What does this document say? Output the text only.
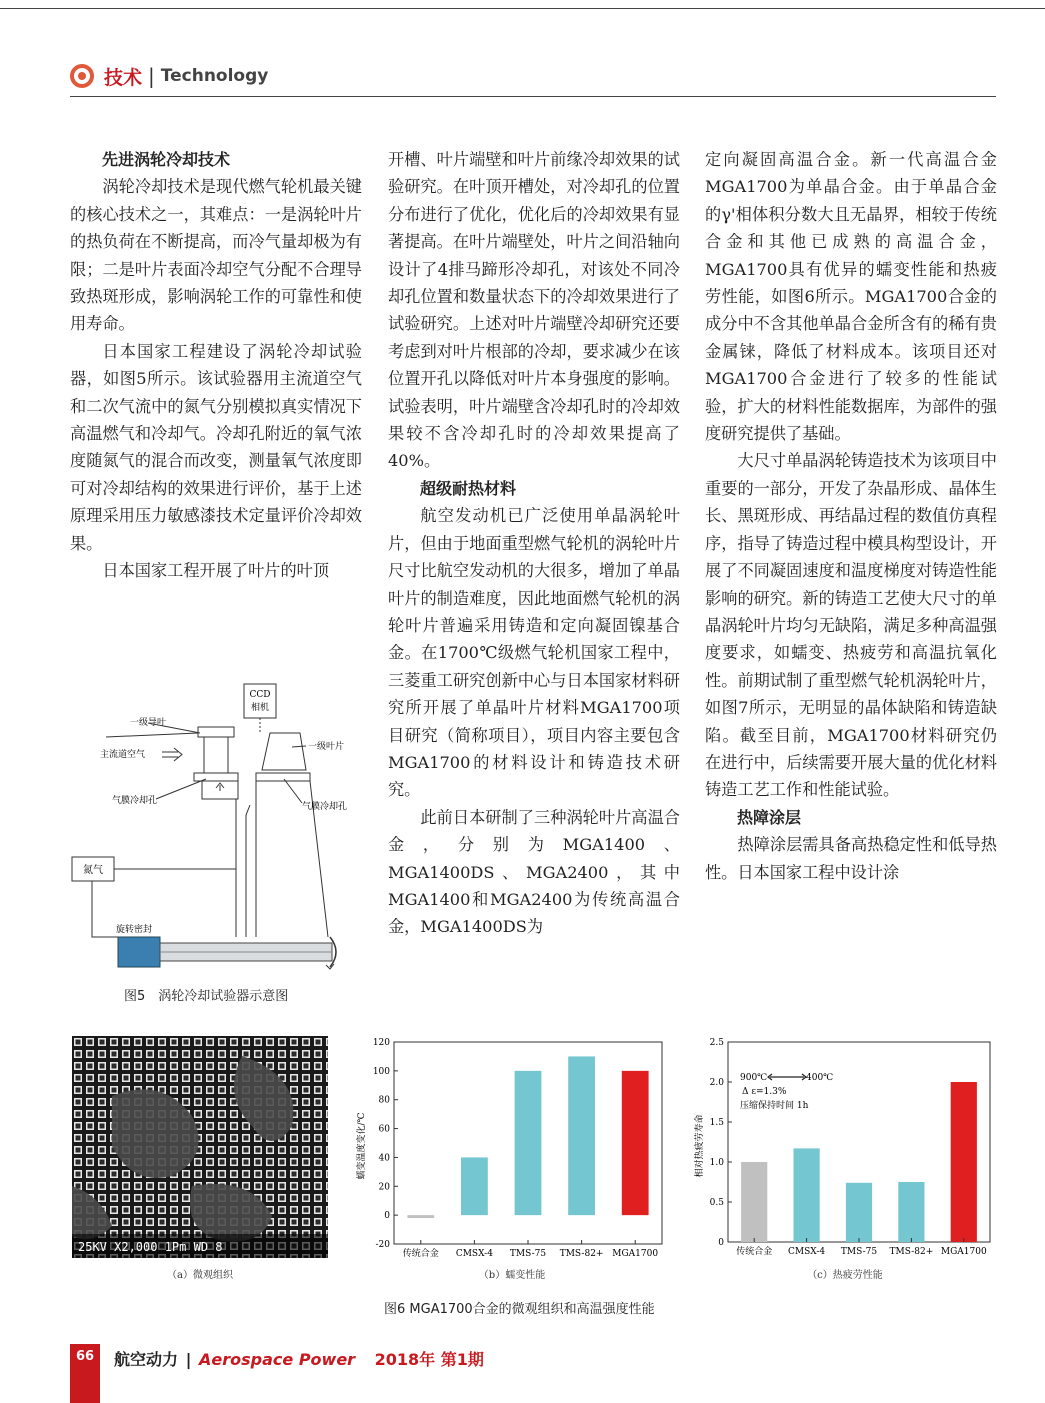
技术 | Technology
先进涡轮冷却技术

涡轮冷却技术是现代燃气轮机最关键的核心技术之一，其难点：一是涡轮叶片的热负荷在不断提高，而冷气量却极为有限；二是叶片表面冷却空气分配不合理导致热斑形成，影响涡轮工作的可靠性和使用寿命。

日本国家工程建设了涡轮冷却试验器，如图5所示。该试验器用主流道空气和二次气流中的氮气分别模拟真实情况下高温燃气和冷却气。冷却孔附近的氧气浓度随氮气的混合而改变，测量氧气浓度即可对冷却结构的效果进行评价，基于上述原理采用压力敏感漆技术定量评价冷却效果。

日本国家工程开展了叶片的叶顶

CCD
相机
一级导叶
一级叶片
主流道空气
气膜冷却孔
气膜冷却孔
氮气
旋转密封
图5　涡轮冷却试验器示意图

开槽、叶片端壁和叶片前缘冷却效果的试验研究。在叶顶开槽处，对冷却孔的位置分布进行了优化，优化后的冷却效果有显著提高。在叶片端壁处，叶片之间沿轴向设计了4排马蹄形冷却孔，对该处不同冷却孔位置和数量状态下的冷却效果进行了试验研究。上述对叶片端壁冷却研究还要考虑到对叶片根部的冷却，要求减少在该位置开孔以降低对叶片本身强度的影响。试验表明，叶片端壁含冷却孔时的冷却效果较不含冷却孔时的冷却效果提高了40%。

超级耐热材料

航空发动机已广泛使用单晶涡轮叶片，但由于地面重型燃气轮机的涡轮叶片尺寸比航空发动机的大很多，增加了单晶叶片的制造难度，因此地面燃气轮机的涡轮叶片普遍采用铸造和定向凝固镍基合金。在1700℃级燃气轮机国家工程中，三菱重工研究创新中心与日本国家材料研究所开展了单晶叶片材料MGA1700项目研究（简称项目），项目内容主要包含MGA1700的材料设计和铸造技术研究。

此前日本研制了三种涡轮叶片高温合金，分别为MGA1400、MGA1400DS、MGA2400，其中MGA1400和MGA2400为传统高温合金，MGA1400DS为

定向凝固高温合金。新一代高温合金MGA1700为单晶合金。由于单晶合金的γ'相体积分数大且无晶界，相较于传统合金和其他已成熟的高温合金，MGA1700具有优异的蠕变性能和热疲劳性能，如图6所示。MGA1700合金的成分中不含其他单晶合金所含有的稀有贵金属铼，降低了材料成本。该项目还对MGA1700合金进行了较多的性能试验，扩大的材料性能数据库，为部件的强度研究提供了基础。

大尺寸单晶涡轮铸造技术为该项目中重要的一部分，开发了杂晶形成、晶体生长、黑斑形成、再结晶过程的数值仿真程序，指导了铸造过程中模具构型设计，开展了不同凝固速度和温度梯度对铸造性能影响的研究。新的铸造工艺使大尺寸的单晶涡轮叶片均匀无缺陷，满足多种高温强度要求，如蠕变、热疲劳和高温抗氧化性。前期试制了重型燃气轮机涡轮叶片，如图7所示，无明显的晶体缺陷和铸造缺陷。截至目前，MGA1700材料研究仍在进行中，后续需要开展大量的优化材料铸造工艺工作和性能试验。

热障涂层

热障涂层需具备高热稳定性和低导热性。日本国家工程中设计涂

25KV X2,000 1Pm WD 8
（a）微观组织
蠕变温度变化/℃
-20
0
20
40
60
80
100
120
传统合金 CMSX-4 TMS-75 TMS-82+ MGA1700
（b）蠕变性能
相对热疲劳寿命
900℃	400℃
Δ ε=1.3%
压缩保持时间 1h
0
0.5
1.0
1.5
2.0
2.5
传统合金 CMSX-4 TMS-75 TMS-82+ MGA1700
（c）热疲劳性能
图6 MGA1700合金的微观组织和高温强度性能
66	航空动力 | Aerospace Power 2018年 第1期
